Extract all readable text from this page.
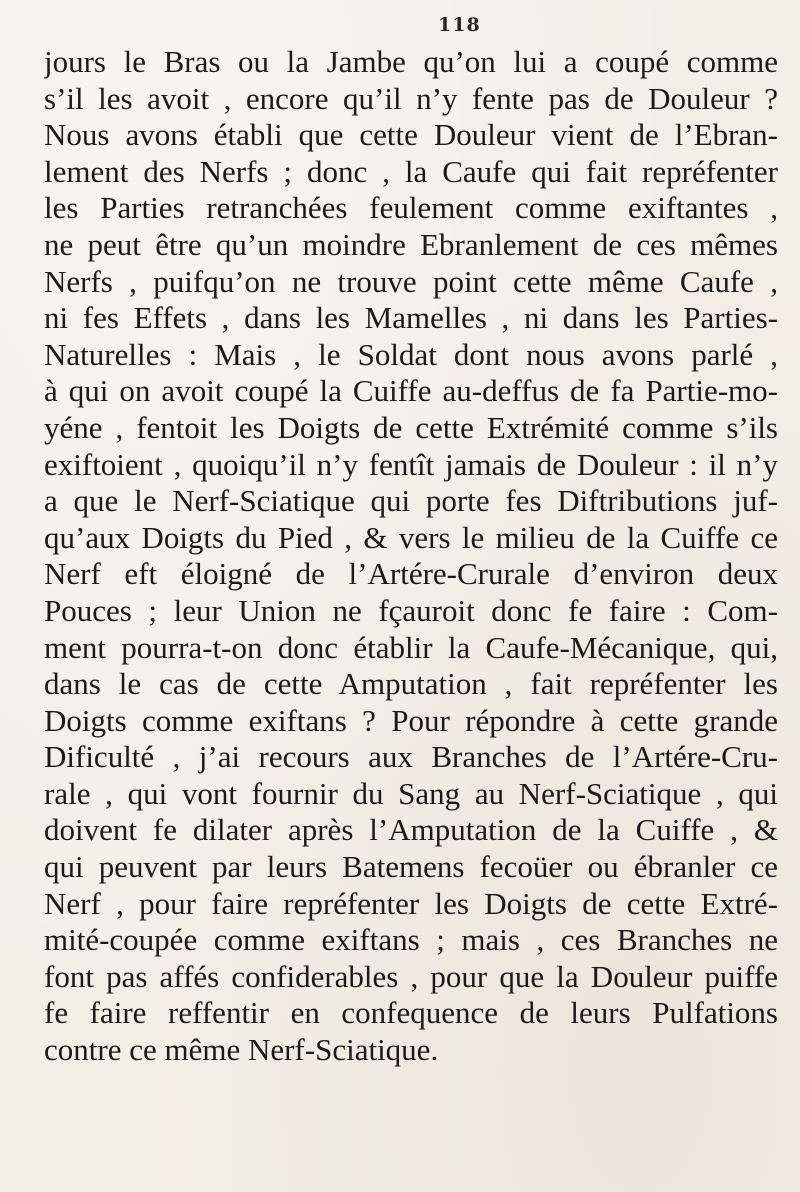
118
jours le Bras ou la Jambe qu’on lui a coupé comme
s’il les avoit , encore qu’il n’y fente pas de Douleur ?
Nous avons établi que cette Douleur vient de l’Ebran-
lement des Nerfs ; donc , la Caufe qui fait repréfenter
les Parties retranchées feulement comme exiftantes ,
ne peut être qu’un moindre Ebranlement de ces mêmes
Nerfs , puifqu’on ne trouve point cette même Caufe ,
ni fes Effets , dans les Mamelles , ni dans les Parties-
Naturelles : Mais , le Soldat dont nous avons parlé ,
à qui on avoit coupé la Cuiffe au-deffus de fa Partie-mo-
yéne , fentoit les Doigts de cette Extrémité comme s’ils
exiftoient , quoiqu’il n’y fentît jamais de Douleur : il n’y
a que le Nerf-Sciatique qui porte fes Diftributions juf-
qu’aux Doigts du Pied , & vers le milieu de la Cuiffe ce
Nerf eft éloigné de l’Artére-Crurale d’environ deux
Pouces ; leur Union ne fçauroit donc fe faire : Com-
ment pourra-t-on donc établir la Caufe-Mécanique, qui,
dans le cas de cette Amputation , fait repréfenter les
Doigts comme exiftans ? Pour répondre à cette grande
Dificulté , j’ai recours aux Branches de l’Artére-Cru-
rale , qui vont fournir du Sang au Nerf-Sciatique , qui
doivent fe dilater après l’Amputation de la Cuiffe , &
qui peuvent par leurs Batemens fecoüer ou ébranler ce
Nerf , pour faire repréfenter les Doigts de cette Extré-
mité-coupée comme exiftans ; mais , ces Branches ne
font pas affés confiderables , pour que la Douleur puiffe
fe faire reffentir en confequence de leurs Pulfations
contre ce même Nerf-Sciatique.
